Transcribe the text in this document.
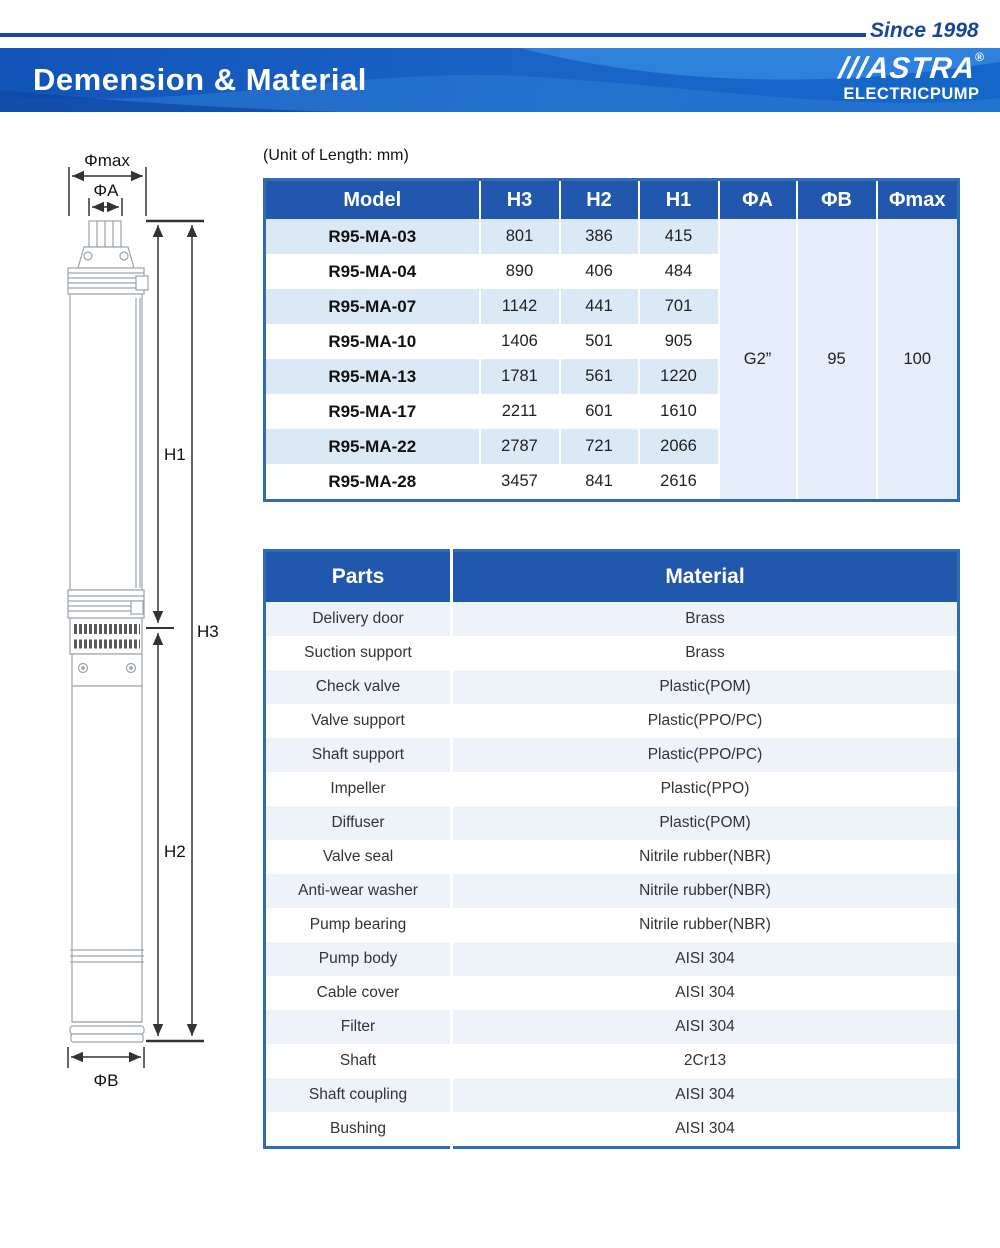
Since 1998
Demension & Material	///ASTRA®
ELECTRICPUMP
(Unit of Length: mm)
Φmax
ΦA
H1
H3
H2
ΦB
Model	H3	H2	H1	ΦA	ΦB	Φmax
R95-MA-03	801	386	415	G2”	95	100
R95-MA-04	890	406	484			
R95-MA-07	1142	441	701			
R95-MA-10	1406	501	905			
R95-MA-13	1781	561	1220			
R95-MA-17	2211	601	1610			
R95-MA-22	2787	721	2066			
R95-MA-28	3457	841	2616			
Parts	Material
Delivery door	Brass
Suction support	Brass
Check valve	Plastic(POM)
Valve support	Plastic(PPO/PC)
Shaft support	Plastic(PPO/PC)
Impeller	Plastic(PPO)
Diffuser	Plastic(POM)
Valve seal	Nitrile rubber(NBR)
Anti-wear washer	Nitrile rubber(NBR)
Pump bearing	Nitrile rubber(NBR)
Pump body	AISI 304
Cable cover	AISI 304
Filter	AISI 304
Shaft	2Cr13
Shaft coupling	AISI 304
Bushing	AISI 304
